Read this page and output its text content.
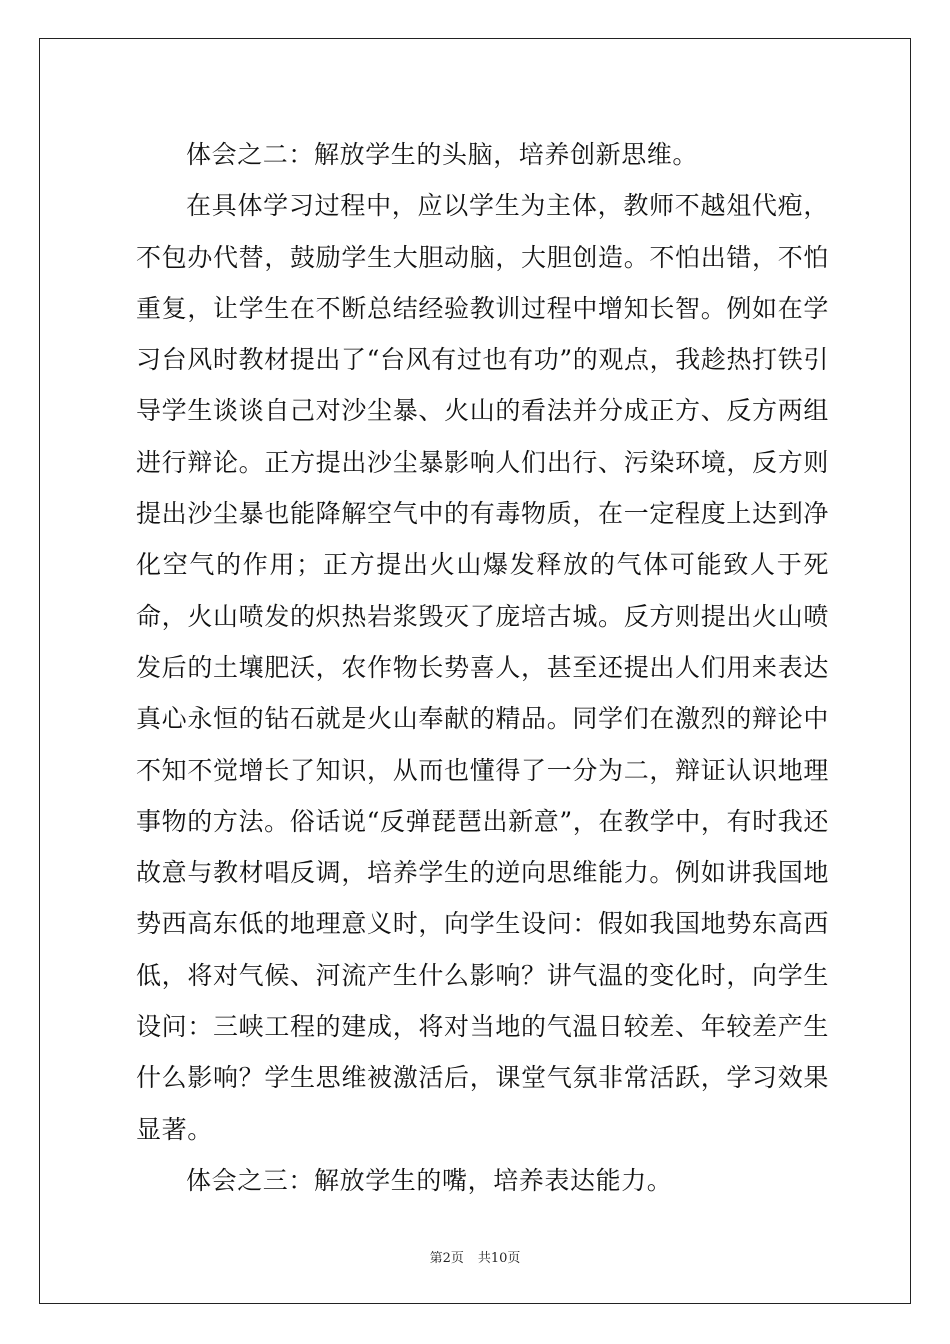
体会之二：解放学生的头脑，培养创新思维。

在具体学习过程中，应以学生为主体，教师不越俎代疱，不包办代替，鼓励学生大胆动脑，大胆创造。不怕出错，不怕重复，让学生在不断总结经验教训过程中增知长智。例如在学习台风时教材提出了“台风有过也有功”的观点，我趁热打铁引导学生谈谈自己对沙尘暴、火山的看法并分成正方、反方两组进行辩论。正方提出沙尘暴影响人们出行、污染环境，反方则提出沙尘暴也能降解空气中的有毒物质，在一定程度上达到净化空气的作用；正方提出火山爆发释放的气体可能致人于死命，火山喷发的炽热岩浆毁灭了庞培古城。反方则提出火山喷发后的土壤肥沃，农作物长势喜人，甚至还提出人们用来表达真心永恒的钻石就是火山奉献的精品。同学们在激烈的辩论中不知不觉增长了知识，从而也懂得了一分为二，辩证认识地理事物的方法。俗话说“反弹琵琶出新意”，在教学中，有时我还故意与教材唱反调，培养学生的逆向思维能力。例如讲我国地势西高东低的地理意义时，向学生设问：假如我国地势东高西低，将对气候、河流产生什么影响？讲气温的变化时，向学生设问：三峡工程的建成，将对当地的气温日较差、年较差产生什么影响？学生思维被激活后，课堂气氛非常活跃，学习效果显著。

体会之三：解放学生的嘴，培养表达能力。

第2页 共10页
